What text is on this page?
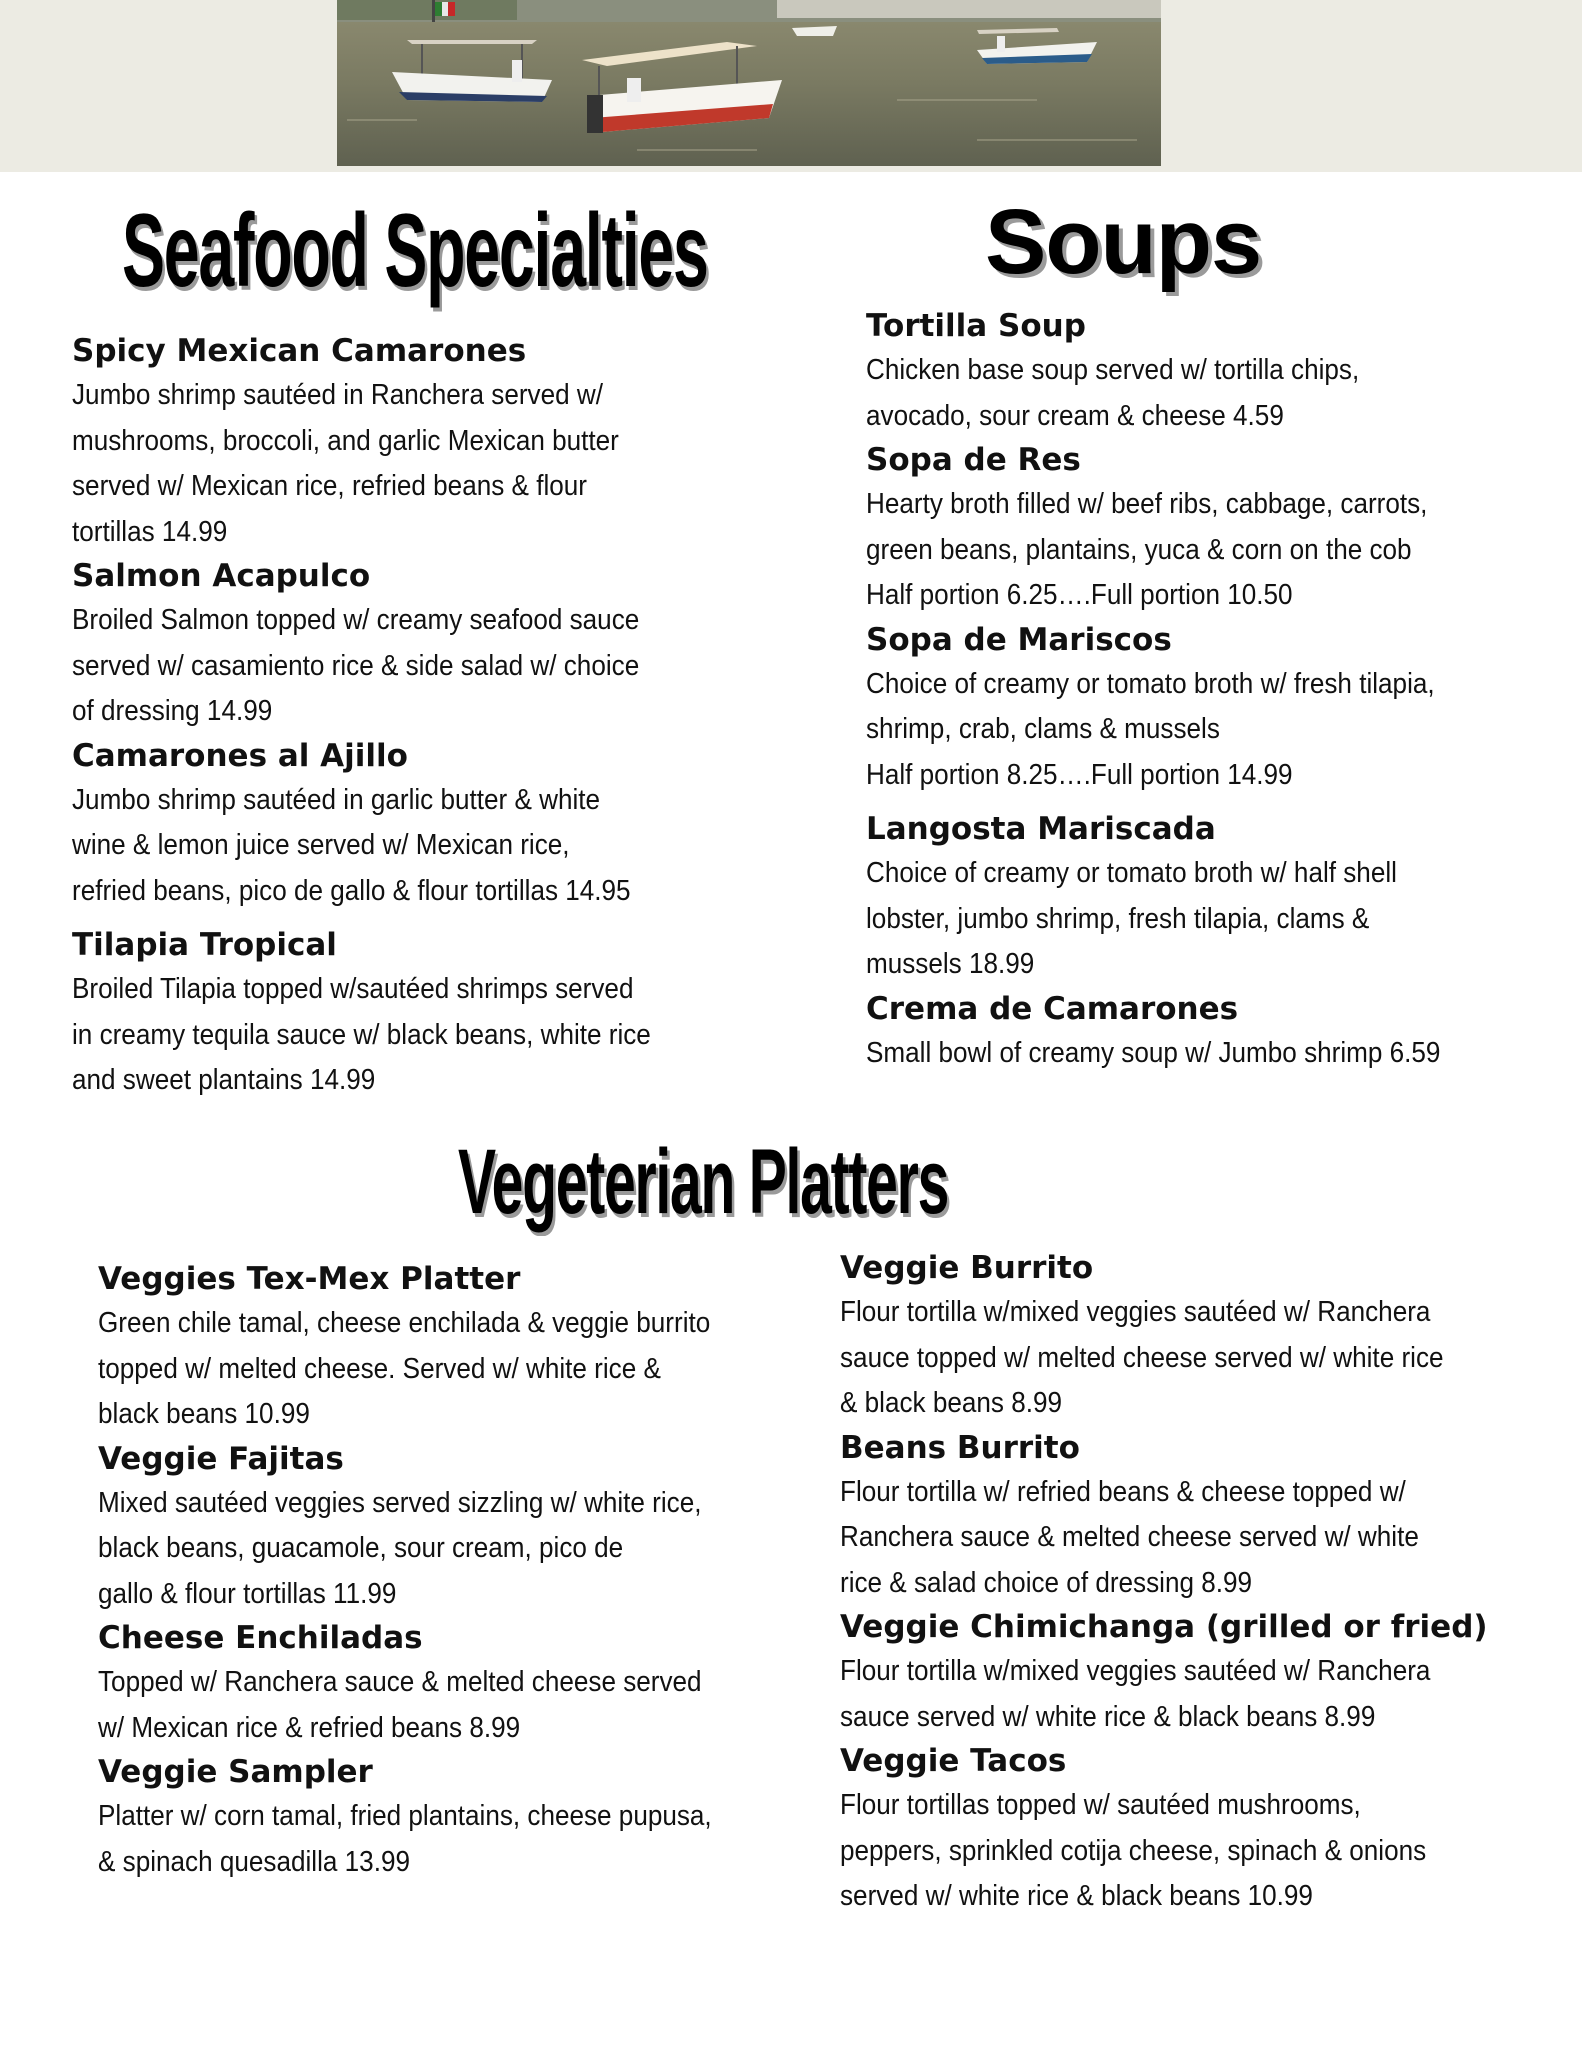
Seafood Specialties	Soups
Vegeterian Platters
Spicy Mexican Camarones
Jumbo shrimp sautéed in Ranchera served w/
mushrooms, broccoli, and garlic Mexican butter
served w/ Mexican rice, refried beans & flour
tortillas 14.99
Salmon Acapulco
Broiled Salmon topped w/ creamy seafood sauce
served w/ casamiento rice & side salad w/ choice
of dressing 14.99
Camarones al Ajillo
Jumbo shrimp sautéed in garlic butter & white
wine & lemon juice served w/ Mexican rice,
refried beans, pico de gallo & flour tortillas 14.95
Tilapia Tropical
Broiled Tilapia topped w/sautéed shrimps served
in creamy tequila sauce w/ black beans, white rice
and sweet plantains 14.99
Tortilla Soup
Chicken base soup served w/ tortilla chips,
avocado, sour cream & cheese 4.59
Sopa de Res
Hearty broth filled w/ beef ribs, cabbage, carrots,
green beans, plantains, yuca & corn on the cob
Half portion 6.25….Full portion 10.50
Sopa de Mariscos
Choice of creamy or tomato broth w/ fresh tilapia,
shrimp, crab, clams & mussels
Half portion 8.25….Full portion 14.99
Langosta Mariscada
Choice of creamy or tomato broth w/ half shell
lobster, jumbo shrimp, fresh tilapia, clams &
mussels 18.99
Crema de Camarones
Small bowl of creamy soup w/ Jumbo shrimp 6.59
Veggies Tex-Mex Platter
Green chile tamal, cheese enchilada & veggie burrito
topped w/ melted cheese. Served w/ white rice &
black beans 10.99
Veggie Fajitas
Mixed sautéed veggies served sizzling w/ white rice,
black beans, guacamole, sour cream, pico de
gallo & flour tortillas 11.99
Cheese Enchiladas
Topped w/ Ranchera sauce & melted cheese served
w/ Mexican rice & refried beans 8.99
Veggie Sampler
Platter w/ corn tamal, fried plantains, cheese pupusa,
& spinach quesadilla 13.99
Veggie Burrito
Flour tortilla w/mixed veggies sautéed w/ Ranchera
sauce topped w/ melted cheese served w/ white rice
& black beans 8.99
Beans Burrito
Flour tortilla w/ refried beans & cheese topped w/
Ranchera sauce & melted cheese served w/ white
rice & salad choice of dressing 8.99
Veggie Chimichanga (grilled or fried)
Flour tortilla w/mixed veggies sautéed w/ Ranchera
sauce served w/ white rice & black beans 8.99
Veggie Tacos
Flour tortillas topped w/ sautéed mushrooms,
peppers, sprinkled cotija cheese, spinach & onions
served w/ white rice & black beans 10.99
